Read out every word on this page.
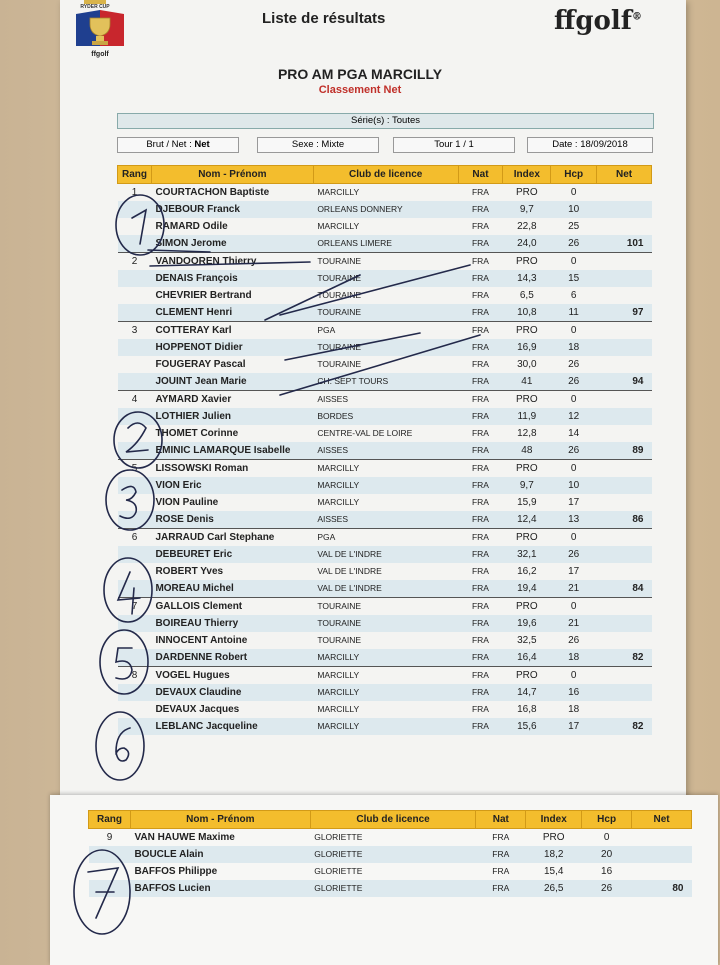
RYDER CUP
ffgolf
Liste de résultats	ffgolf®
PRO AM PGA MARCILLY
Classement Net
Série(s) : Toutes
Brut / Net : Net	Sexe : Mixte	Tour 1 / 1	Date : 18/09/2018
Rang	Nom - Prénom	Club de licence	Nat	Index	Hcp	Net
1	COURTACHON Baptiste	MARCILLY	FRA	PRO	0	
	DJEBOUR Franck	ORLEANS DONNERY	FRA	9,7	10	
	RAMARD Odile	MARCILLY	FRA	22,8	25	
	SIMON Jerome	ORLEANS LIMERE	FRA	24,0	26	101
2	VANDOOREN Thierry	TOURAINE	FRA	PRO	0	
	DENAIS François	TOURAINE	FRA	14,3	15	
	CHEVRIER Bertrand	TOURAINE	FRA	6,5	6	
	CLEMENT Henri	TOURAINE	FRA	10,8	11	97
3	COTTERAY Karl	PGA	FRA	PRO	0	
	HOPPENOT Didier	TOURAINE	FRA	16,9	18	
	FOUGERAY Pascal	TOURAINE	FRA	30,0	26	
	JOUINT Jean Marie	CH. SEPT TOURS	FRA	41	26	94
4	AYMARD Xavier	AISSES	FRA	PRO	0	
	LOTHIER Julien	BORDES	FRA	11,9	12	
	THOMET Corinne	CENTRE-VAL DE LOIRE	FRA	12,8	14	
	EMINIC LAMARQUE Isabelle	AISSES	FRA	48	26	89
5	LISSOWSKI Roman	MARCILLY	FRA	PRO	0	
	VION Eric	MARCILLY	FRA	9,7	10	
	VION Pauline	MARCILLY	FRA	15,9	17	
	ROSE Denis	AISSES	FRA	12,4	13	86
6	JARRAUD Carl Stephane	PGA	FRA	PRO	0	
	DEBEURET Eric	VAL DE L'INDRE	FRA	32,1	26	
	ROBERT Yves	VAL DE L'INDRE	FRA	16,2	17	
	MOREAU Michel	VAL DE L'INDRE	FRA	19,4	21	84
7	GALLOIS Clement	TOURAINE	FRA	PRO	0	
	BOIREAU Thierry	TOURAINE	FRA	19,6	21	
	INNOCENT Antoine	TOURAINE	FRA	32,5	26	
	DARDENNE Robert	MARCILLY	FRA	16,4	18	82
8	VOGEL Hugues	MARCILLY	FRA	PRO	0	
	DEVAUX Claudine	MARCILLY	FRA	14,7	16	
	DEVAUX Jacques	MARCILLY	FRA	16,8	18	
	LEBLANC Jacqueline	MARCILLY	FRA	15,6	17	82
Rang	Nom - Prénom	Club de licence	Nat	Index	Hcp	Net
9	VAN HAUWE Maxime	GLORIETTE	FRA	PRO	0	
	BOUCLE Alain	GLORIETTE	FRA	18,2	20	
	BAFFOS Philippe	GLORIETTE	FRA	15,4	16	
	BAFFOS Lucien	GLORIETTE	FRA	26,5	26	80
